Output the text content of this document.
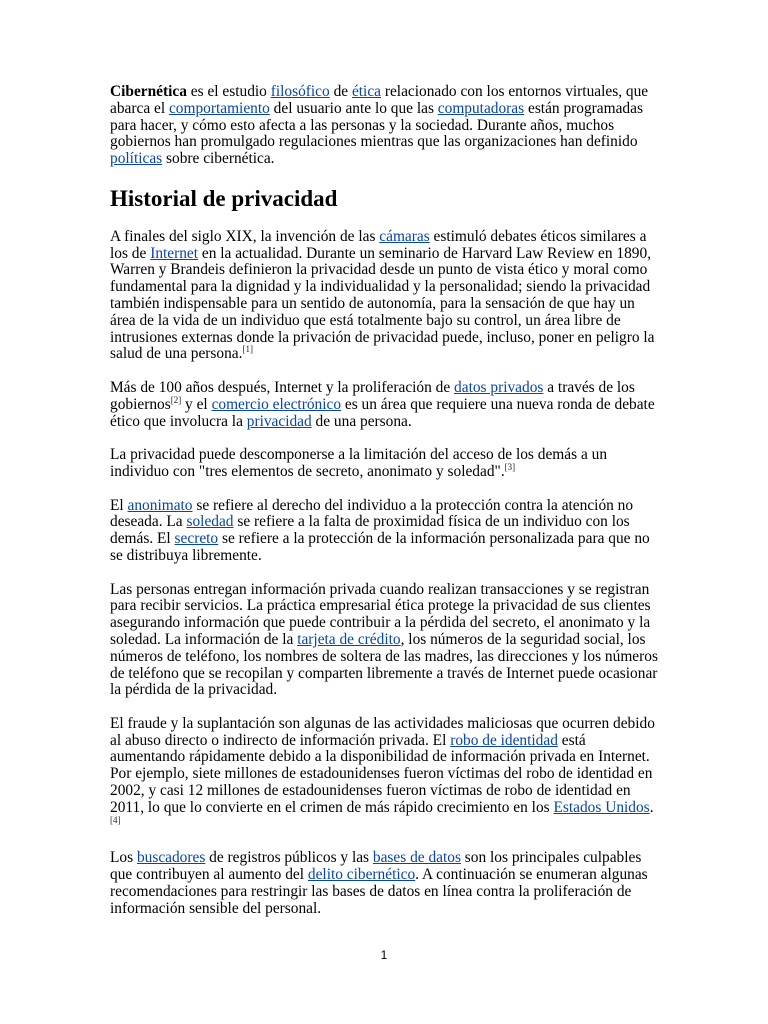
Cibernética es el estudio filosófico de ética relacionado con los entornos virtuales, que abarca el comportamiento del usuario ante lo que las computadoras están programadas para hacer, y cómo esto afecta a las personas y la sociedad. Durante años, muchos gobiernos han promulgado regulaciones mientras que las organizaciones han definido políticas sobre cibernética.

Historial de privacidad

A finales del siglo XIX, la invención de las cámaras estimuló debates éticos similares a los de Internet en la actualidad. Durante un seminario de Harvard Law Review en 1890, Warren y Brandeis definieron la privacidad desde un punto de vista ético y moral como fundamental para la dignidad y la individualidad y la personalidad; siendo la privacidad también indispensable para un sentido de autonomía, para la sensación de que hay un área de la vida de un individuo que está totalmente bajo su control, un área libre de intrusiones externas donde la privación de privacidad puede, incluso, poner en peligro la salud de una persona.[1]

Más de 100 años después, Internet y la proliferación de datos privados a través de los gobiernos[2] y el comercio electrónico es un área que requiere una nueva ronda de debate ético que involucra la privacidad de una persona.

La privacidad puede descomponerse a la limitación del acceso de los demás a un individuo con "tres elementos de secreto, anonimato y soledad".[3]

El anonimato se refiere al derecho del individuo a la protección contra la atención no deseada. La soledad se refiere a la falta de proximidad física de un individuo con los demás. El secreto se refiere a la protección de la información personalizada para que no se distribuya libremente.

Las personas entregan información privada cuando realizan transacciones y se registran para recibir servicios. La práctica empresarial ética protege la privacidad de sus clientes asegurando información que puede contribuir a la pérdida del secreto, el anonimato y la soledad. La información de la tarjeta de crédito, los números de la seguridad social, los números de teléfono, los nombres de soltera de las madres, las direcciones y los números de teléfono que se recopilan y comparten libremente a través de Internet puede ocasionar la pérdida de la privacidad.

El fraude y la suplantación son algunas de las actividades maliciosas que ocurren debido al abuso directo o indirecto de información privada. El robo de identidad está aumentando rápidamente debido a la disponibilidad de información privada en Internet. Por ejemplo, siete millones de estadounidenses fueron víctimas del robo de identidad en 2002, y casi 12 millones de estadounidenses fueron víctimas de robo de identidad en 2011, lo que lo convierte en el crimen de más rápido crecimiento en los Estados Unidos.[4]

Los buscadores de registros públicos y las bases de datos son los principales culpables que contribuyen al aumento del delito cibernético. A continuación se enumeran algunas recomendaciones para restringir las bases de datos en línea contra la proliferación de información sensible del personal.

1
